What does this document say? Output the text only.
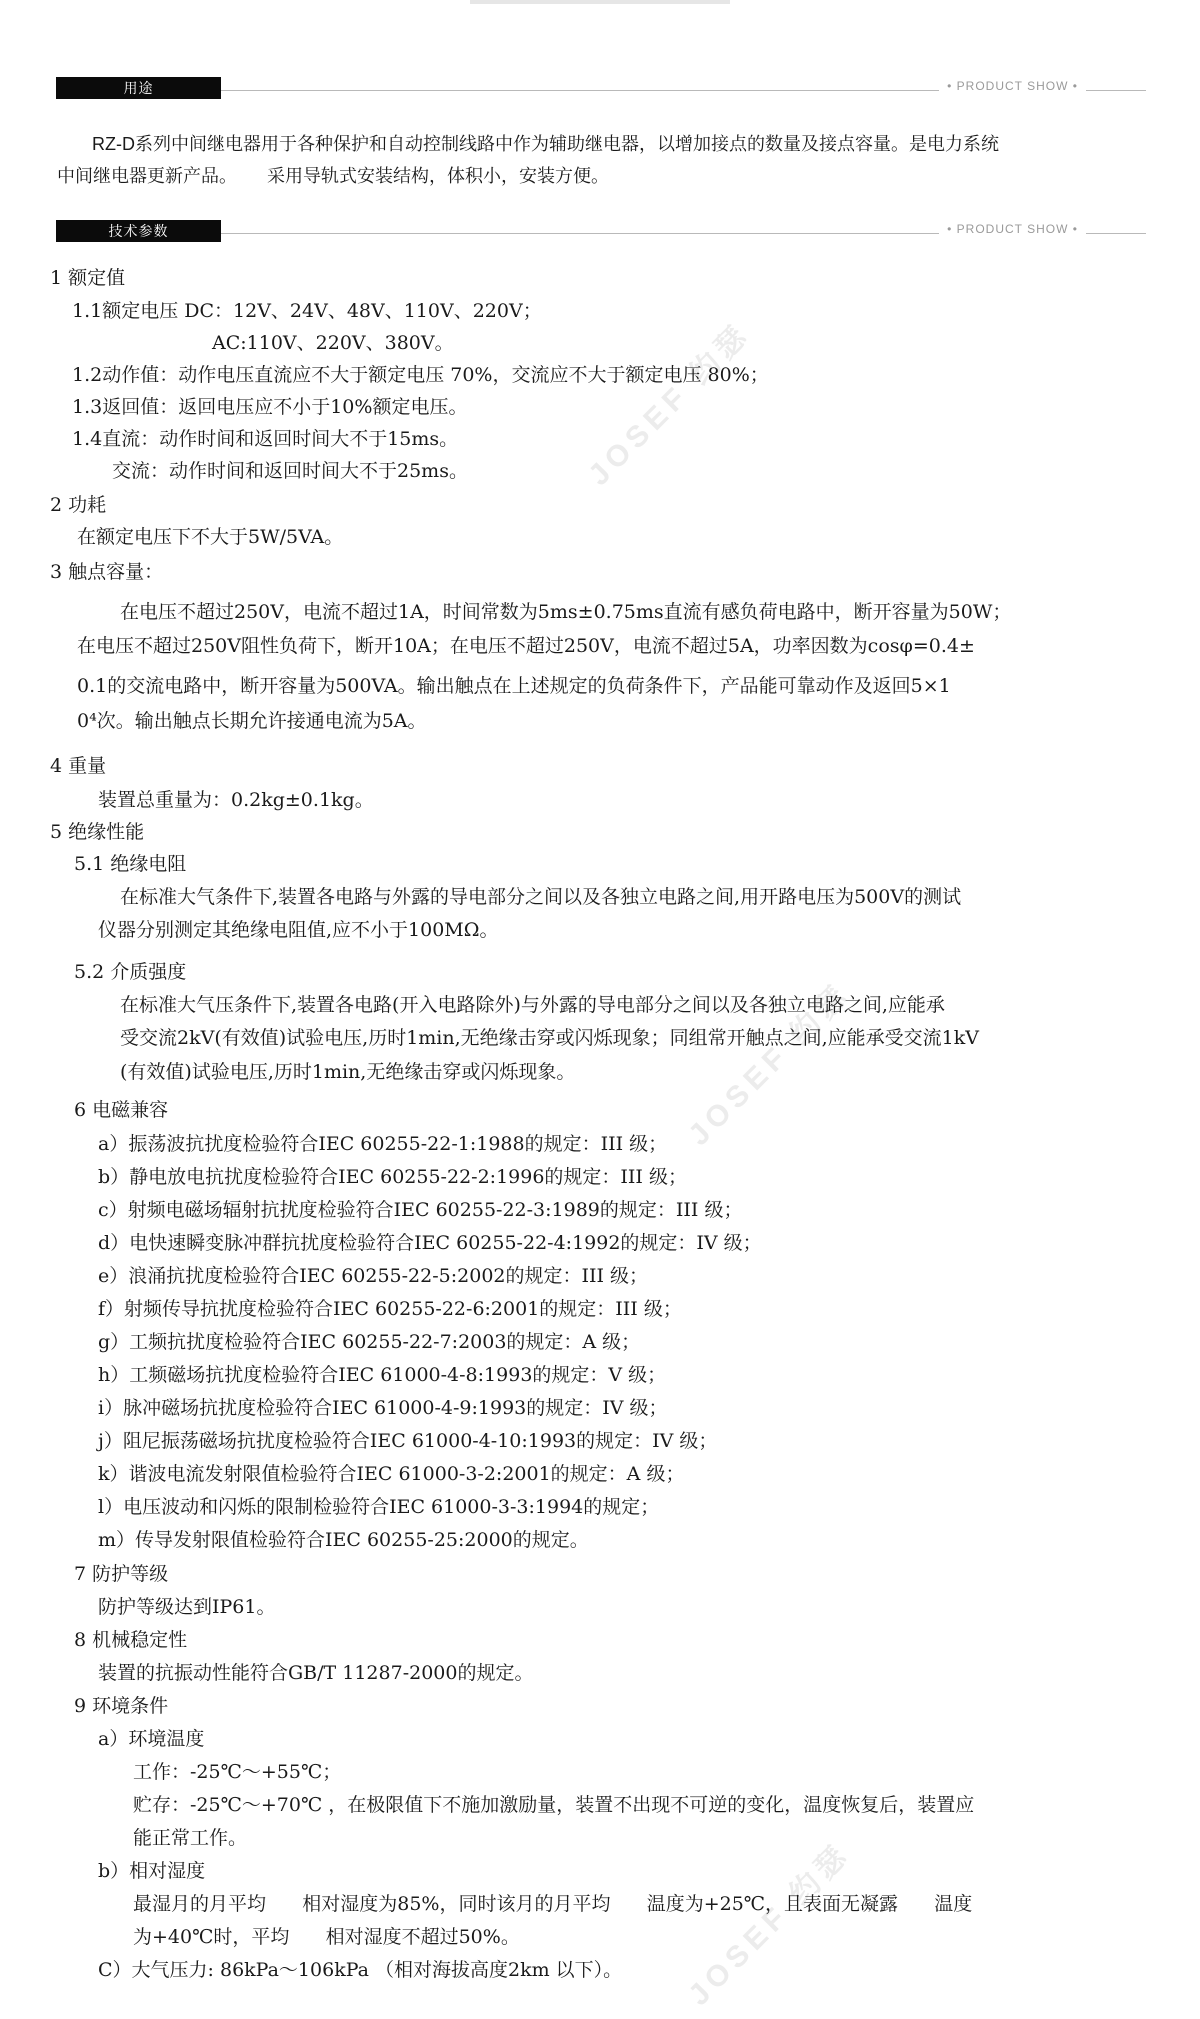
JOSEF 约瑟
JOSEF 约瑟
JOSEF 约瑟
用途	• PRODUCT SHOW •
RZ-D系列中间继电器用于各种保护和自动控制线路中作为辅助继电器，以增加接点的数量及接点容量。是电力系统
中间继电器更新产品。      采用导轨式安装结构，体积小，安装方便。
技术参数	• PRODUCT SHOW •
1 额定值
1.1额定电压 DC：12V、24V、48V、110V、220V；
AC:110V、220V、380V。
1.2动作值：动作电压直流应不大于额定电压 70%，交流应不大于额定电压 80%；
1.3返回值：返回电压应不小于10%额定电压。
1.4直流：动作时间和返回时间大不于15ms。
交流：动作时间和返回时间大不于25ms。
2 功耗
在额定电压下不大于5W/5VA。
3 触点容量：
在电压不超过250V，电流不超过1A，时间常数为5ms±0.75ms直流有感负荷电路中，断开容量为50W；
在电压不超过250V阻性负荷下，断开10A；在电压不超过250V，电流不超过5A，功率因数为cosφ=0.4±
0.1的交流电路中，断开容量为500VA。输出触点在上述规定的负荷条件下，产品能可靠动作及返回5×1
0⁴次。输出触点长期允许接通电流为5A。
4 重量
装置总重量为：0.2kg±0.1kg。
5 绝缘性能
5.1 绝缘电阻
在标准大气条件下,装置各电路与外露的导电部分之间以及各独立电路之间,用开路电压为500V的测试
仪器分别测定其绝缘电阻值,应不小于100MΩ。
5.2 介质强度
在标准大气压条件下,装置各电路(开入电路除外)与外露的导电部分之间以及各独立电路之间,应能承
受交流2kV(有效值)试验电压,历时1min,无绝缘击穿或闪烁现象；同组常开触点之间,应能承受交流1kV
(有效值)试验电压,历时1min,无绝缘击穿或闪烁现象。
6 电磁兼容
a）振荡波抗扰度检验符合IEC 60255-22-1:1988的规定：III 级；
b）静电放电抗扰度检验符合IEC 60255-22-2:1996的规定：III 级；
c）射频电磁场辐射抗扰度检验符合IEC 60255-22-3:1989的规定：III 级；
d）电快速瞬变脉冲群抗扰度检验符合IEC 60255-22-4:1992的规定：IV 级；
e）浪涌抗扰度检验符合IEC 60255-22-5:2002的规定：III 级；
f）射频传导抗扰度检验符合IEC 60255-22-6:2001的规定：III 级；
g）工频抗扰度检验符合IEC 60255-22-7:2003的规定：A 级；
h）工频磁场抗扰度检验符合IEC 61000-4-8:1993的规定：V 级；
i）脉冲磁场抗扰度检验符合IEC 61000-4-9:1993的规定：IV 级；
j）阻尼振荡磁场抗扰度检验符合IEC 61000-4-10:1993的规定：IV 级；
k）谐波电流发射限值检验符合IEC 61000-3-2:2001的规定：A 级；
l）电压波动和闪烁的限制检验符合IEC 61000-3-3:1994的规定；
m）传导发射限值检验符合IEC 60255-25:2000的规定。
7 防护等级
防护等级达到IP61。
8 机械稳定性
装置的抗振动性能符合GB/T 11287-2000的规定。
9 环境条件
a）环境温度
工作：-25℃～+55℃；
贮存：-25℃～+70℃ ，在极限值下不施加激励量，装置不出现不可逆的变化，温度恢复后，装置应
能正常工作。
b）相对湿度
最湿月的月平均      相对湿度为85%，同时该月的月平均      温度为+25℃，且表面无凝露      温度
为+40℃时，平均      相对湿度不超过50%。
C）大气压力: 86kPa～106kPa （相对海拔高度2km 以下）。
